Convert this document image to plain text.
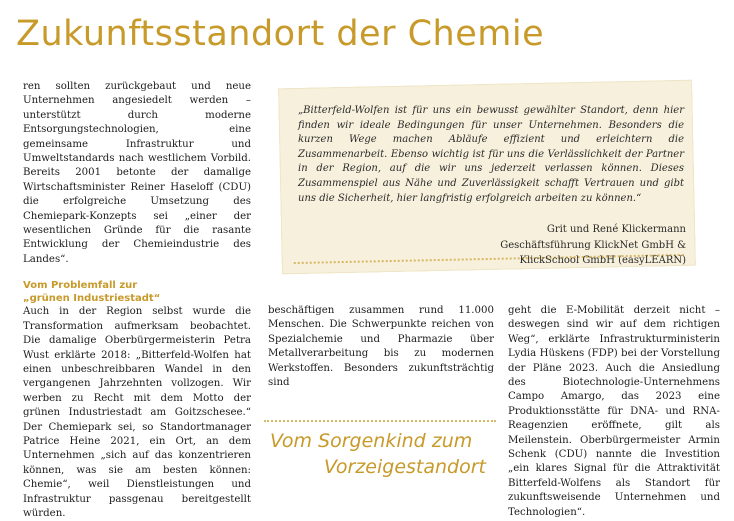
Zukunftsstandort der Chemie

ren sollten zurückgebaut und neue Unternehmen angesiedelt werden – unterstützt durch moderne Entsorgungstechnologien, eine gemeinsame Infrastruktur und Umweltstandards nach westlichem Vorbild. Bereits 2001 betonte der damalige Wirtschaftsminister Reiner Haseloff (CDU) die erfolgreiche Umsetzung des Chemiepark-Konzepts sei „einer der wesentlichen Gründe für die rasante Entwicklung der Chemieindustrie des Landes“.

Vom Problemfall zur
„grünen Industriestadt“

Auch in der Region selbst wurde die Transformation aufmerksam beobachtet. Die damalige Oberbürgermeisterin Petra Wust erklärte 2018: „Bitterfeld-Wolfen hat einen unbeschreibbaren Wandel in den vergangenen Jahrzehnten vollzogen. Wir werben zu Recht mit dem Motto der grünen Industriestadt am Goitzschesee.“ Der Chemiepark sei, so Standortmanager Patrice Heine 2021, ein Ort, an dem Unternehmen „sich auf das konzentrieren können, was sie am besten können: Chemie“, weil Dienstleistungen und Infrastruktur passgenau bereitgestellt würden.

„Bitterfeld-Wolfen ist für uns ein bewusst gewählter Standort, denn hier finden wir ideale Bedingungen für unser Unternehmen. Besonders die kurzen Wege machen Abläufe effizient und erleichtern die Zusammenarbeit. Ebenso wichtig ist für uns die Verlässlichkeit der Partner in der Region, auf die wir uns jederzeit verlassen können. Dieses Zusammenspiel aus Nähe und Zuverlässigkeit schafft Vertrauen und gibt uns die Sicherheit, hier langfristig erfolgreich arbeiten zu können.“
Grit und René Klickermann
Geschäftsführung KlickNet GmbH &
KlickSchool GmbH (easyLEARN)

beschäftigen zusammen rund 11.000 Menschen. Die Schwerpunkte reichen von Spezialchemie und Pharmazie über Metallverarbeitung bis zu modernen Werkstoffen. Besonders zukunftsträchtig sind

Vom Sorgenkind zum
Vorzeigestandort

geht die E-Mobilität derzeit nicht – deswegen sind wir auf dem richtigen Weg“, erklärte Infrastrukturministerin Lydia Hüskens (FDP) bei der Vorstellung der Pläne 2023. Auch die Ansiedlung des Biotechnologie-Unternehmens Campo Amargo, das 2023 eine Produktionsstätte für DNA- und RNA-Reagenzien eröffnete, gilt als Meilenstein. Oberbürgermeister Armin Schenk (CDU) nannte die Investition „ein klares Signal für die Attraktivität Bitterfeld-Wolfens als Standort für zukunftsweisende Unternehmen und Technologien“.
